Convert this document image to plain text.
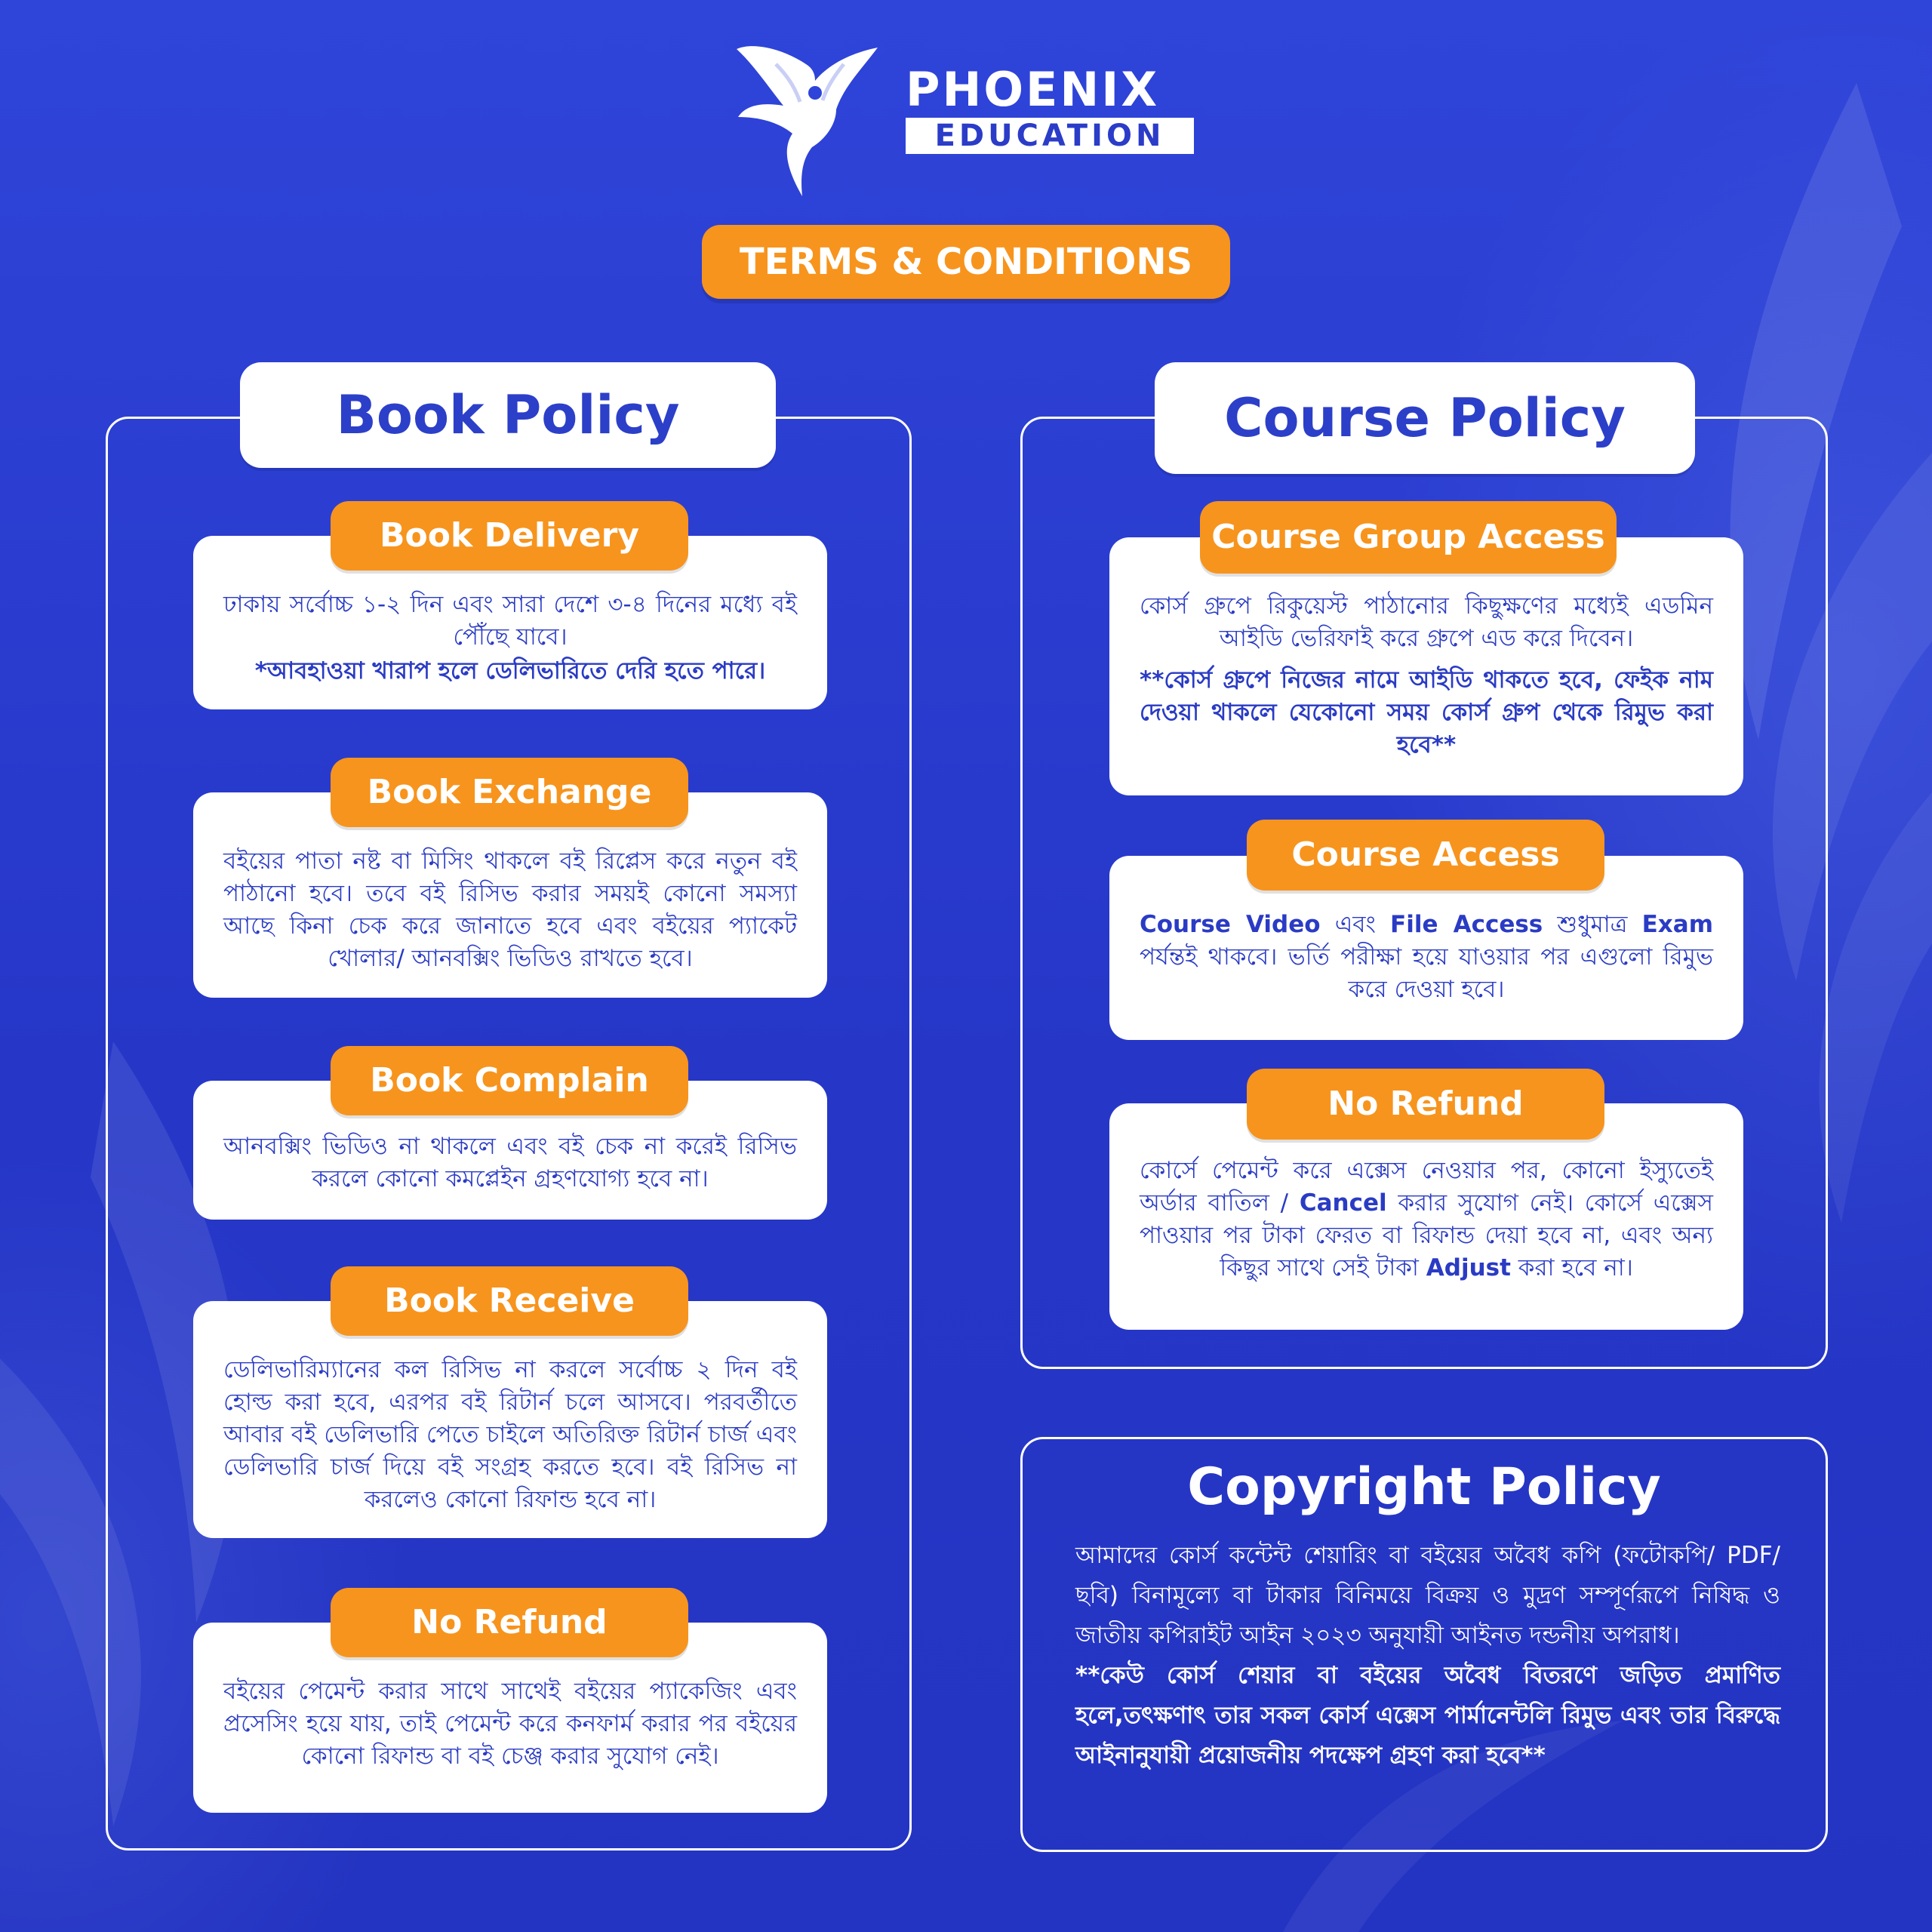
PHOENIX
EDUCATION
TERMS & CONDITIONS
Book Policy
ঢাকায় সর্বোচ্চ ১-২ দিন এবং সারা দেশে ৩-৪ দিনের মধ্যে বই পৌঁছে যাবে।
*আবহাওয়া খারাপ হলে ডেলিভারিতে দেরি হতে পারে।
Book Delivery
বইয়ের পাতা নষ্ট বা মিসিং থাকলে বই রিপ্লেস করে নতুন বই পাঠানো হবে। তবে বই রিসিভ করার সময়ই কোনো সমস্যা আছে কিনা চেক করে জানাতে হবে এবং বইয়ের প্যাকেট খোলার/ আনবক্সিং ভিডিও রাখতে হবে।
Book Exchange
আনবক্সিং ভিডিও না থাকলে এবং বই চেক না করেই রিসিভ করলে কোনো কমপ্লেইন গ্রহণযোগ্য হবে না।
Book Complain
ডেলিভারিম্যানের কল রিসিভ না করলে সর্বোচ্চ ২ দিন বই হোল্ড করা হবে, এরপর বই রিটার্ন চলে আসবে। পরবর্তীতে আবার বই ডেলিভারি পেতে চাইলে অতিরিক্ত রিটার্ন চার্জ এবং ডেলিভারি চার্জ দিয়ে বই সংগ্রহ করতে হবে। বই রিসিভ না করলেও কোনো রিফান্ড হবে না।
Book Receive
বইয়ের পেমেন্ট করার সাথে সাথেই বইয়ের প্যাকেজিং এবং প্রসেসিং হয়ে যায়, তাই পেমেন্ট করে কনফার্ম করার পর বইয়ের কোনো রিফান্ড বা বই চেঞ্জ করার সুযোগ নেই।
No Refund
Course Policy
কোর্স গ্রুপে রিকুয়েস্ট পাঠানোর কিছুক্ষণের মধ্যেই এডমিন আইডি ভেরিফাই করে গ্রুপে এড করে দিবেন।
**কোর্স গ্রুপে নিজের নামে আইডি থাকতে হবে, ফেইক নাম দেওয়া থাকলে যেকোনো সময় কোর্স গ্রুপ থেকে রিমুভ করা হবে**
Course Group Access
Course Video এবং File Access শুধুমাত্র Exam পর্যন্তই থাকবে। ভর্তি পরীক্ষা হয়ে যাওয়ার পর এগুলো রিমুভ করে দেওয়া হবে।
Course Access
কোর্সে পেমেন্ট করে এক্সেস নেওয়ার পর, কোনো ইস্যুতেই অর্ডার বাতিল / Cancel করার সুযোগ নেই। কোর্সে এক্সেস পাওয়ার পর টাকা ফেরত বা রিফান্ড দেয়া হবে না, এবং অন্য কিছুর সাথে সেই টাকা Adjust করা হবে না।
No Refund
Copyright Policy
আমাদের কোর্স কন্টেন্ট শেয়ারিং বা বইয়ের অবৈধ কপি (ফটোকপি/ PDF/ ছবি) বিনামূল্যে বা টাকার বিনিময়ে বিক্রয় ও মুদ্রণ সম্পূর্ণরূপে নিষিদ্ধ ও জাতীয় কপিরাইট আইন ২০২৩ অনুযায়ী আইনত দন্ডনীয় অপরাধ।
**কেউ কোর্স শেয়ার বা বইয়ের অবৈধ বিতরণে জড়িত প্রমাণিত হলে,তৎক্ষণাৎ তার সকল কোর্স এক্সেস পার্মানেন্টলি রিমুভ এবং তার বিরুদ্ধে আইনানুযায়ী প্রয়োজনীয় পদক্ষেপ গ্রহণ করা হবে**
